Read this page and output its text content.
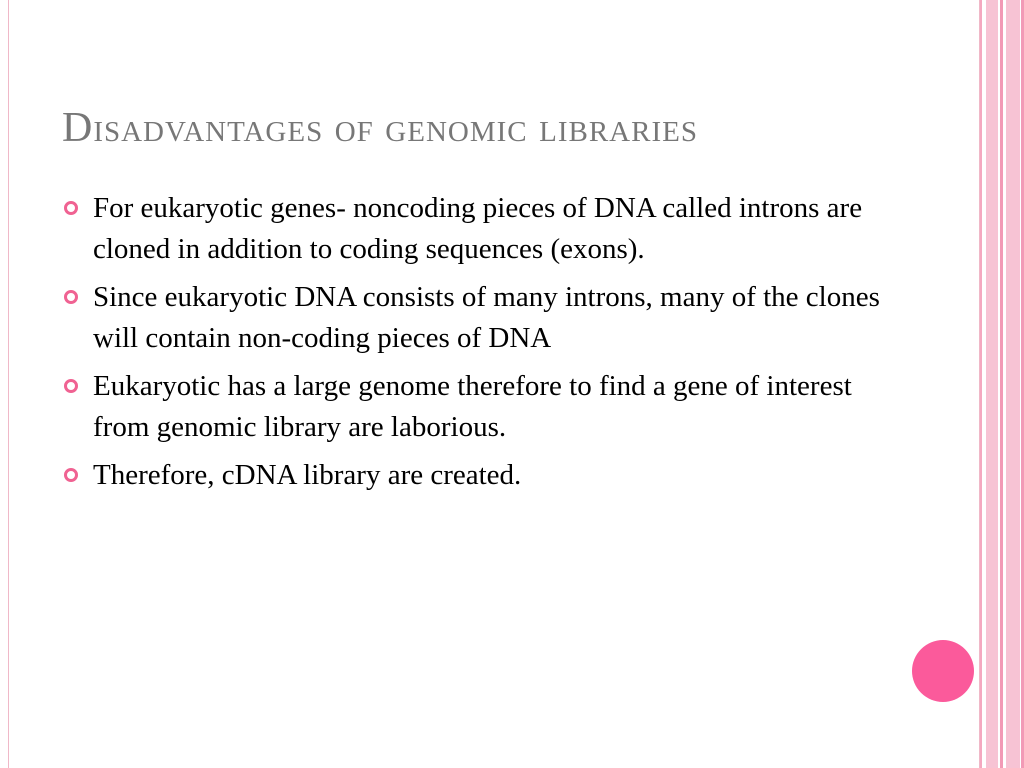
Disadvantages of genomic libraries
For eukaryotic genes- noncoding pieces of DNA called introns are cloned in addition to coding sequences (exons).
Since eukaryotic DNA consists of many introns, many of the clones will contain non-coding pieces of DNA
Eukaryotic has a large genome therefore to find a gene of interest from genomic library are laborious.
Therefore, cDNA library are created.
